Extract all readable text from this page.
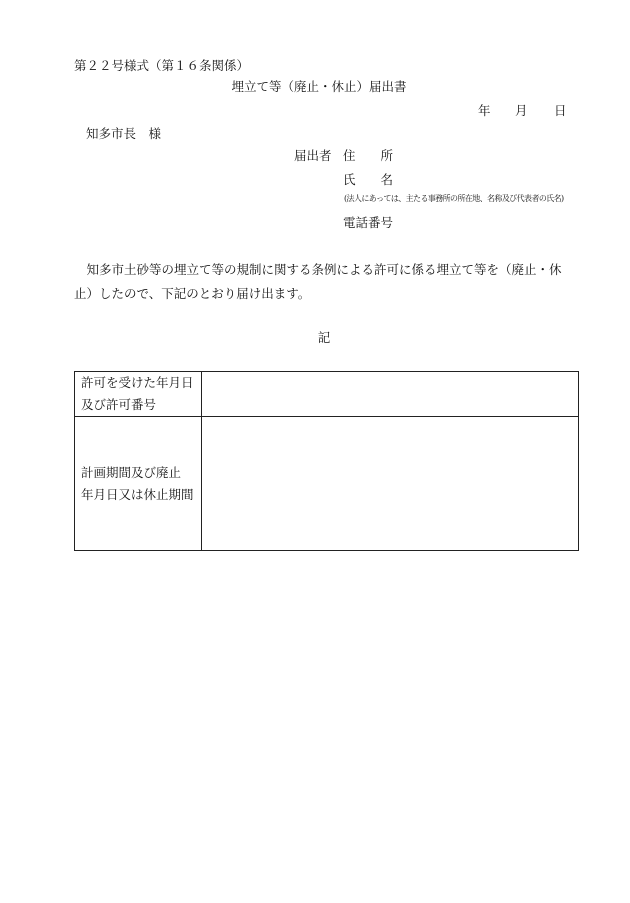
第２２号様式（第１６条関係）
埋立て等（廃止・休止）届出書
年 月 日
知多市長　様
届出者 住　　所
氏　　名
(法人にあっては、主たる事務所の所在地、名称及び代表者の氏名)
電話番号
知多市土砂等の埋立て等の規制に関する条例による許可に係る埋立て等を（廃止・休止）したので、下記のとおり届け出ます。
記
許可を受けた年月日
及び許可番号	

計画期間及び廃止
年月日又は休止期間	
